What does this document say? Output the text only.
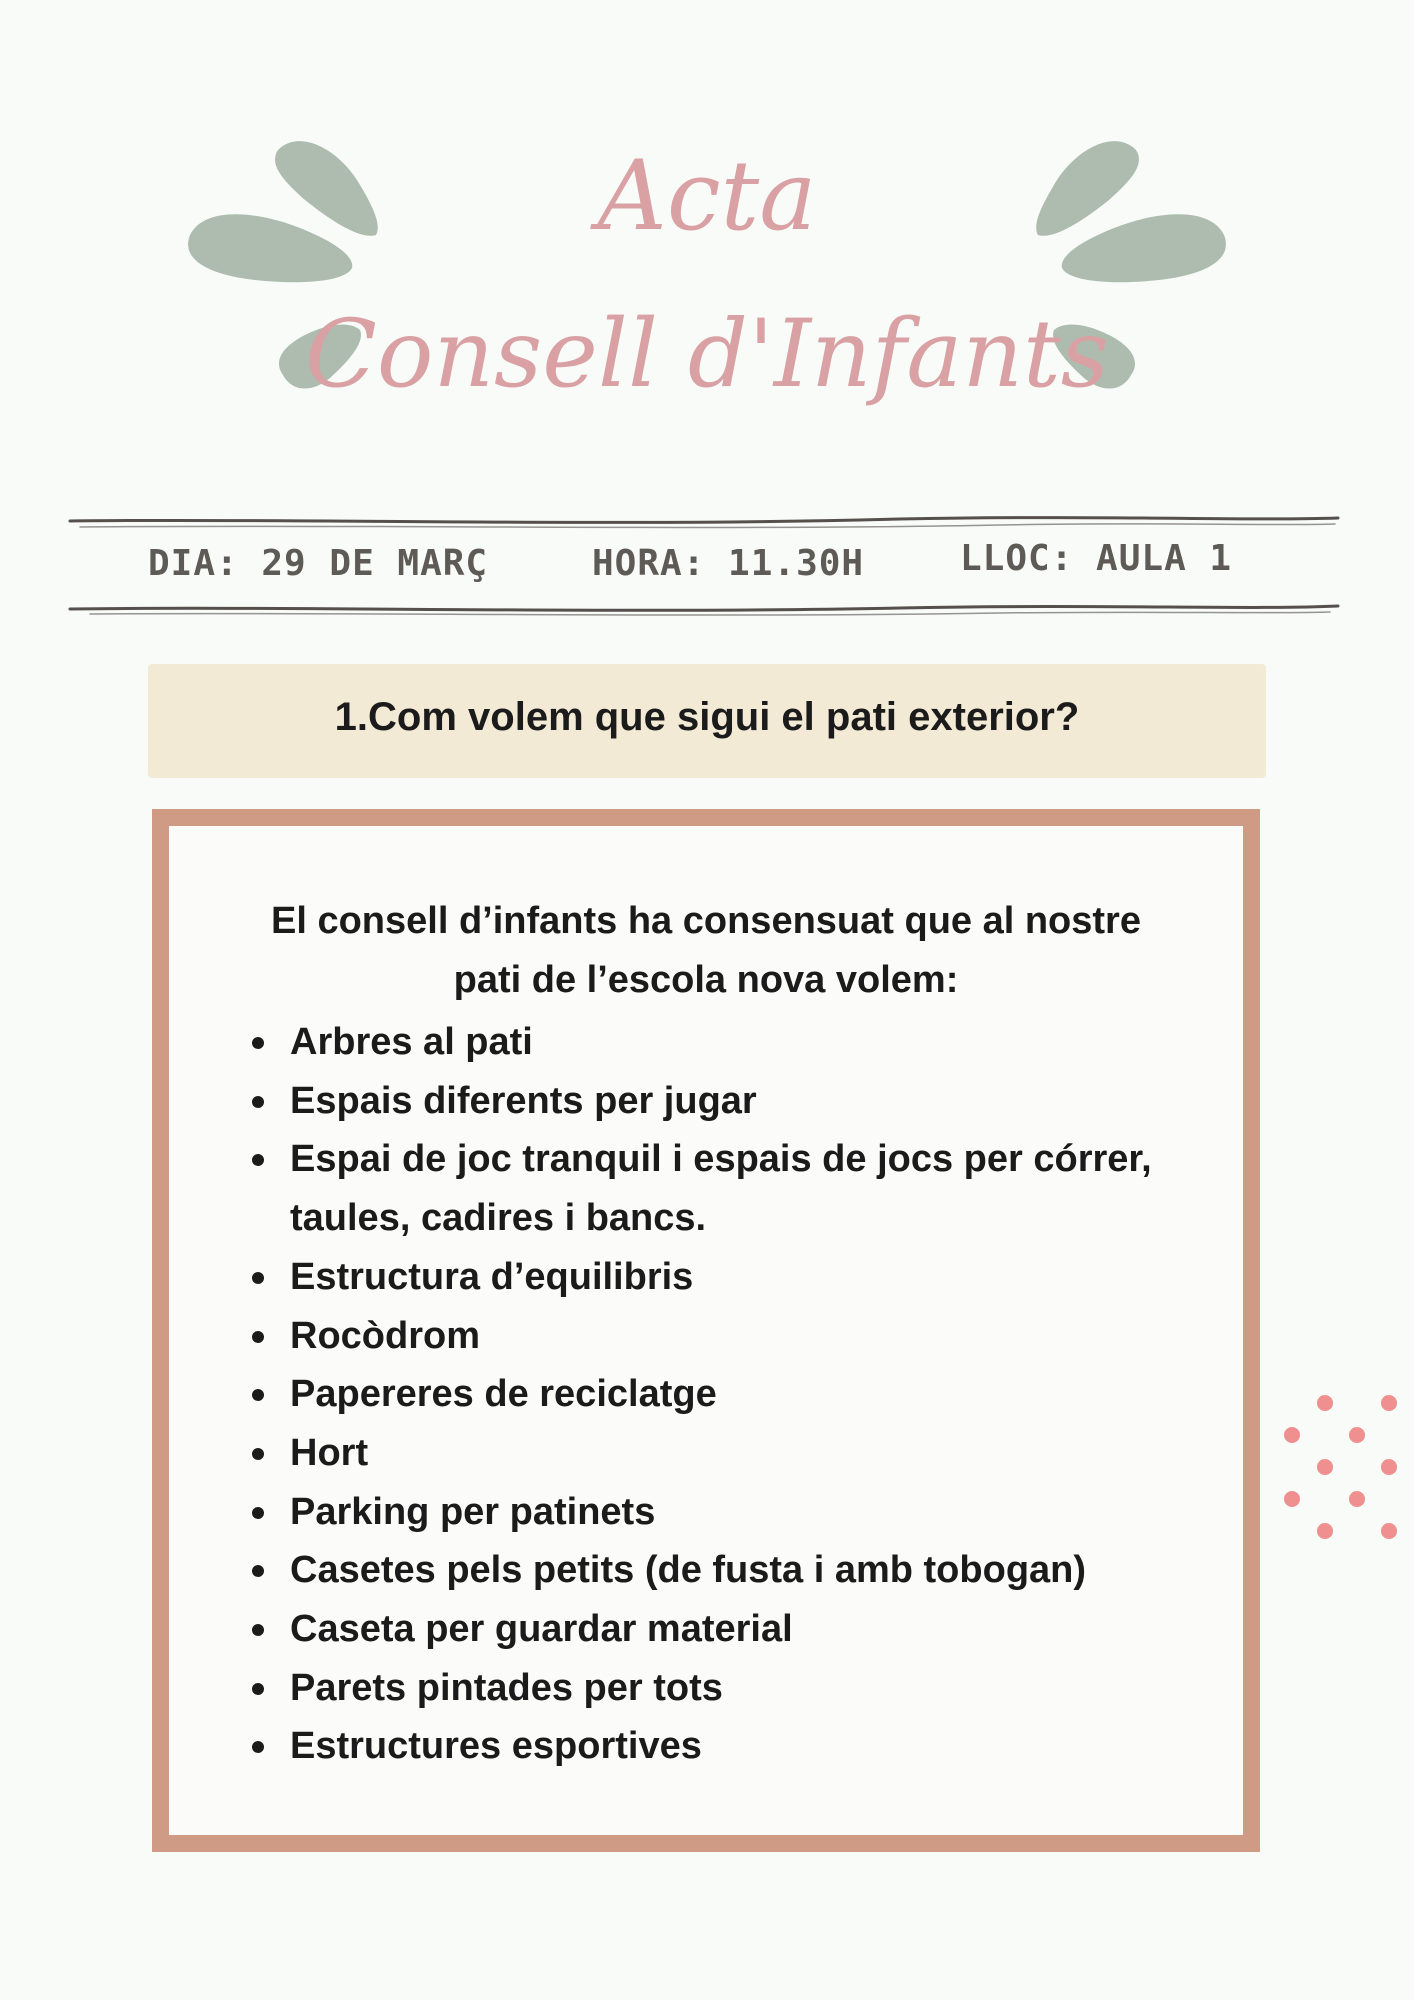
Acta
Consell d'Infants
DIA: 29 DE MARÇ	HORA: 11.30H	LLOC: AULA 1
1.Com volem que sigui el pati exterior?

El consell d’infants ha consensuat que al nostre
pati de l’escola nova volem:

Arbres al pati
Espais diferents per jugar
Espai de joc tranquil i espais de jocs per córrer, taules, cadires i bancs.
Estructura d’equilibris
Rocòdrom
Papereres de reciclatge
Hort
Parking per patinets
Casetes pels petits (de fusta i amb tobogan)
Caseta per guardar material
Parets pintades per tots
Estructures esportives
